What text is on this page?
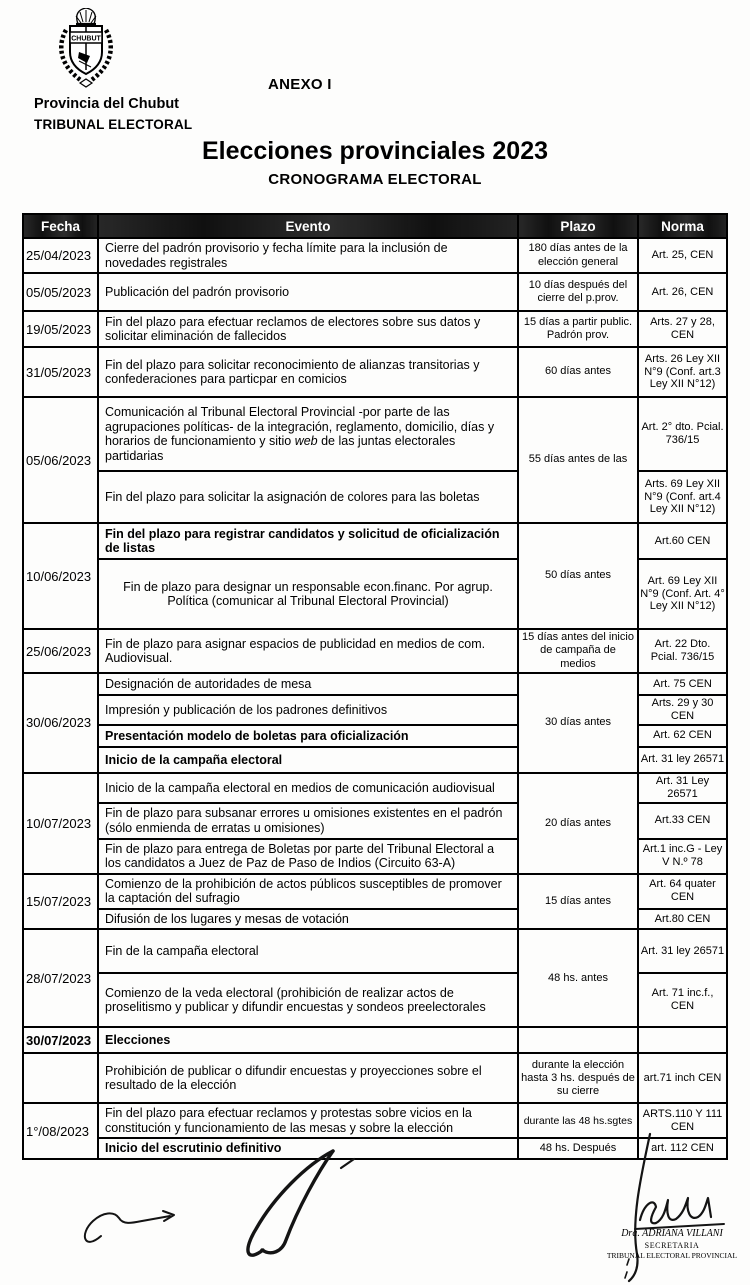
CHUBUT
Provincia del Chubut
TRIBUNAL ELECTORAL
ANEXO I
Elecciones provinciales 2023
CRONOGRAMA ELECTORAL
Fecha	Evento	Plazo	Norma
25/04/2023	Cierre del padrón provisorio y fecha límite para la inclusión de novedades registrales	180 días antes de la elección general	Art. 25, CEN
05/05/2023	Publicación del padrón provisorio	10 días después del cierre del p.prov.	Art. 26, CEN
19/05/2023	Fin del plazo para efectuar reclamos de electores sobre sus datos y solicitar eliminación de fallecidos	15 días a partir public. Padrón prov.	Arts. 27 y 28, CEN
31/05/2023	Fin del plazo para solicitar reconocimiento de alianzas transitorias y confederaciones para particpar en comicios	60 días antes	Arts. 26 Ley XII N°9 (Conf. art.3 Ley XII N°12)
05/06/2023	Comunicación al Tribunal Electoral Provincial -por parte de las agrupaciones políticas- de la integración, reglamento, domicilio, días y horarios de funcionamiento y sitio web de las juntas electorales partidarias	55 días antes de las	Art. 2° dto. Pcial. 736/15
	Fin del plazo para solicitar la asignación de colores para las boletas		Arts. 69 Ley XII N°9 (Conf. art.4 Ley XII N°12)
10/06/2023	Fin del plazo para registrar candidatos y solicitud de oficialización de listas	50 días antes	Art.60 CEN
	Fin de plazo para designar un responsable econ.financ. Por agrup. Política (comunicar al Tribunal Electoral Provincial)		Art. 69 Ley XII N°9 (Conf. Art. 4° Ley XII N°12)
25/06/2023	Fin de plazo para asignar espacios de publicidad en medios de com. Audiovisual.	15 días antes del inicio de campaña de medios	Art. 22 Dto. Pcial. 736/15
30/06/2023	Designación de autoridades de mesa	30 días antes	Art. 75 CEN
	Impresión y publicación de los padrones definitivos		Arts. 29 y 30 CEN
	Presentación modelo de boletas para oficialización		Art. 62 CEN
	Inicio de la campaña electoral		Art. 31 ley 26571
10/07/2023	Inicio de la campaña electoral en medios de comunicación audiovisual	20 días antes	Art. 31 Ley 26571
	Fin de plazo para subsanar errores u omisiones existentes en el padrón (sólo enmienda de erratas u omisiones)		Art.33 CEN
	Fin de plazo para entrega de Boletas por parte del Tribunal Electoral a los candidatos a Juez de Paz de Paso de Indios (Circuito 63-A)		Art.1 inc.G - Ley V N.º 78
15/07/2023	Comienzo de la prohibición de actos públicos susceptibles de promover la captación del sufragio	15 días antes	Art. 64 quater CEN
	Difusión de los lugares y mesas de votación		Art.80 CEN
28/07/2023	Fin de la campaña electoral	48 hs. antes	Art. 31 ley 26571
	Comienzo de la veda electoral (prohibición de realizar actos de proselitismo y publicar y difundir encuestas y sondeos preelectorales		Art. 71 inc.f., CEN
30/07/2023	Elecciones		
	Prohibición de publicar o difundir encuestas y proyecciones sobre el resultado de la elección	durante la elección hasta 3 hs. después de su cierre	art.71 inch CEN
1°/08/2023	Fin del plazo para efectuar reclamos y protestas sobre vicios en la constitución y funcionamiento de las mesas y sobre la elección	durante las 48 hs.sgtes	ARTS.110 Y 111 CEN
	Inicio del escrutinio definitivo	48 hs. Después	art. 112 CEN
Dra. ADRIANA VILLANI
SECRETARIA
TRIBUNAL ELECTORAL PROVINCIAL
